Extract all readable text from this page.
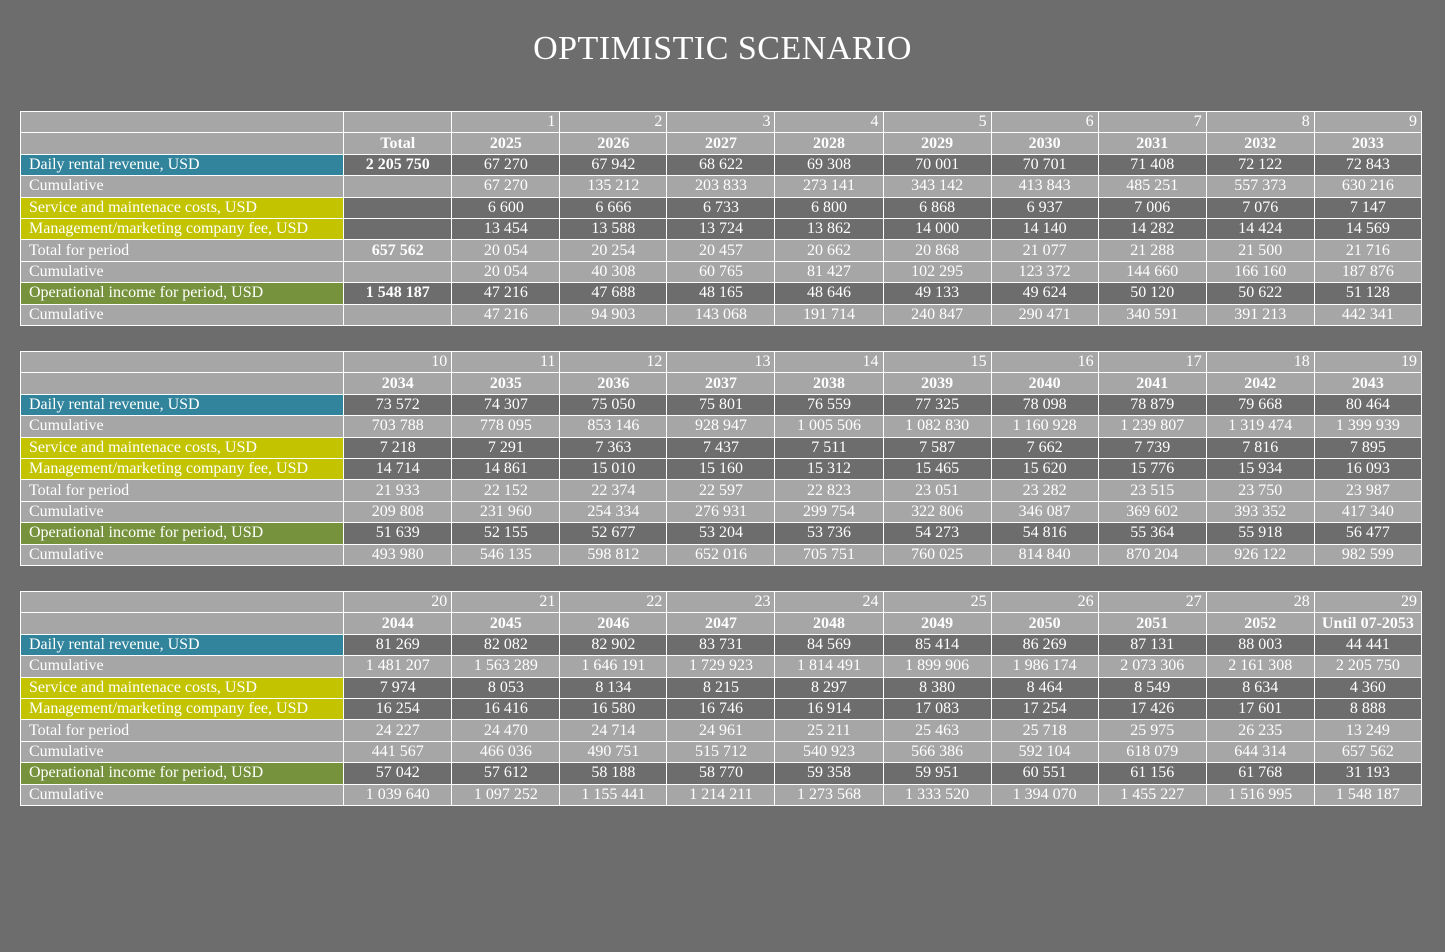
OPTIMISTIC SCENARIO
		1	2	3	4	5	6	7	8	9
	Total	2025	2026	2027	2028	2029	2030	2031	2032	2033
Daily rental revenue, USD	2 205 750	67 270	67 942	68 622	69 308	70 001	70 701	71 408	72 122	72 843
Cumulative		67 270	135 212	203 833	273 141	343 142	413 843	485 251	557 373	630 216
Service and maintenace costs, USD		6 600	6 666	6 733	6 800	6 868	6 937	7 006	7 076	7 147
Management/marketing company fee, USD		13 454	13 588	13 724	13 862	14 000	14 140	14 282	14 424	14 569
Total for period	657 562	20 054	20 254	20 457	20 662	20 868	21 077	21 288	21 500	21 716
Cumulative		20 054	40 308	60 765	81 427	102 295	123 372	144 660	166 160	187 876
Operational income for period, USD	1 548 187	47 216	47 688	48 165	48 646	49 133	49 624	50 120	50 622	51 128
Cumulative		47 216	94 903	143 068	191 714	240 847	290 471	340 591	391 213	442 341
	10	11	12	13	14	15	16	17	18	19
	2034	2035	2036	2037	2038	2039	2040	2041	2042	2043
Daily rental revenue, USD	73 572	74 307	75 050	75 801	76 559	77 325	78 098	78 879	79 668	80 464
Cumulative	703 788	778 095	853 146	928 947	1 005 506	1 082 830	1 160 928	1 239 807	1 319 474	1 399 939
Service and maintenace costs, USD	7 218	7 291	7 363	7 437	7 511	7 587	7 662	7 739	7 816	7 895
Management/marketing company fee, USD	14 714	14 861	15 010	15 160	15 312	15 465	15 620	15 776	15 934	16 093
Total for period	21 933	22 152	22 374	22 597	22 823	23 051	23 282	23 515	23 750	23 987
Cumulative	209 808	231 960	254 334	276 931	299 754	322 806	346 087	369 602	393 352	417 340
Operational income for period, USD	51 639	52 155	52 677	53 204	53 736	54 273	54 816	55 364	55 918	56 477
Cumulative	493 980	546 135	598 812	652 016	705 751	760 025	814 840	870 204	926 122	982 599
	20	21	22	23	24	25	26	27	28	29
	2044	2045	2046	2047	2048	2049	2050	2051	2052	Until 07-2053
Daily rental revenue, USD	81 269	82 082	82 902	83 731	84 569	85 414	86 269	87 131	88 003	44 441
Cumulative	1 481 207	1 563 289	1 646 191	1 729 923	1 814 491	1 899 906	1 986 174	2 073 306	2 161 308	2 205 750
Service and maintenace costs, USD	7 974	8 053	8 134	8 215	8 297	8 380	8 464	8 549	8 634	4 360
Management/marketing company fee, USD	16 254	16 416	16 580	16 746	16 914	17 083	17 254	17 426	17 601	8 888
Total for period	24 227	24 470	24 714	24 961	25 211	25 463	25 718	25 975	26 235	13 249
Cumulative	441 567	466 036	490 751	515 712	540 923	566 386	592 104	618 079	644 314	657 562
Operational income for period, USD	57 042	57 612	58 188	58 770	59 358	59 951	60 551	61 156	61 768	31 193
Cumulative	1 039 640	1 097 252	1 155 441	1 214 211	1 273 568	1 333 520	1 394 070	1 455 227	1 516 995	1 548 187
